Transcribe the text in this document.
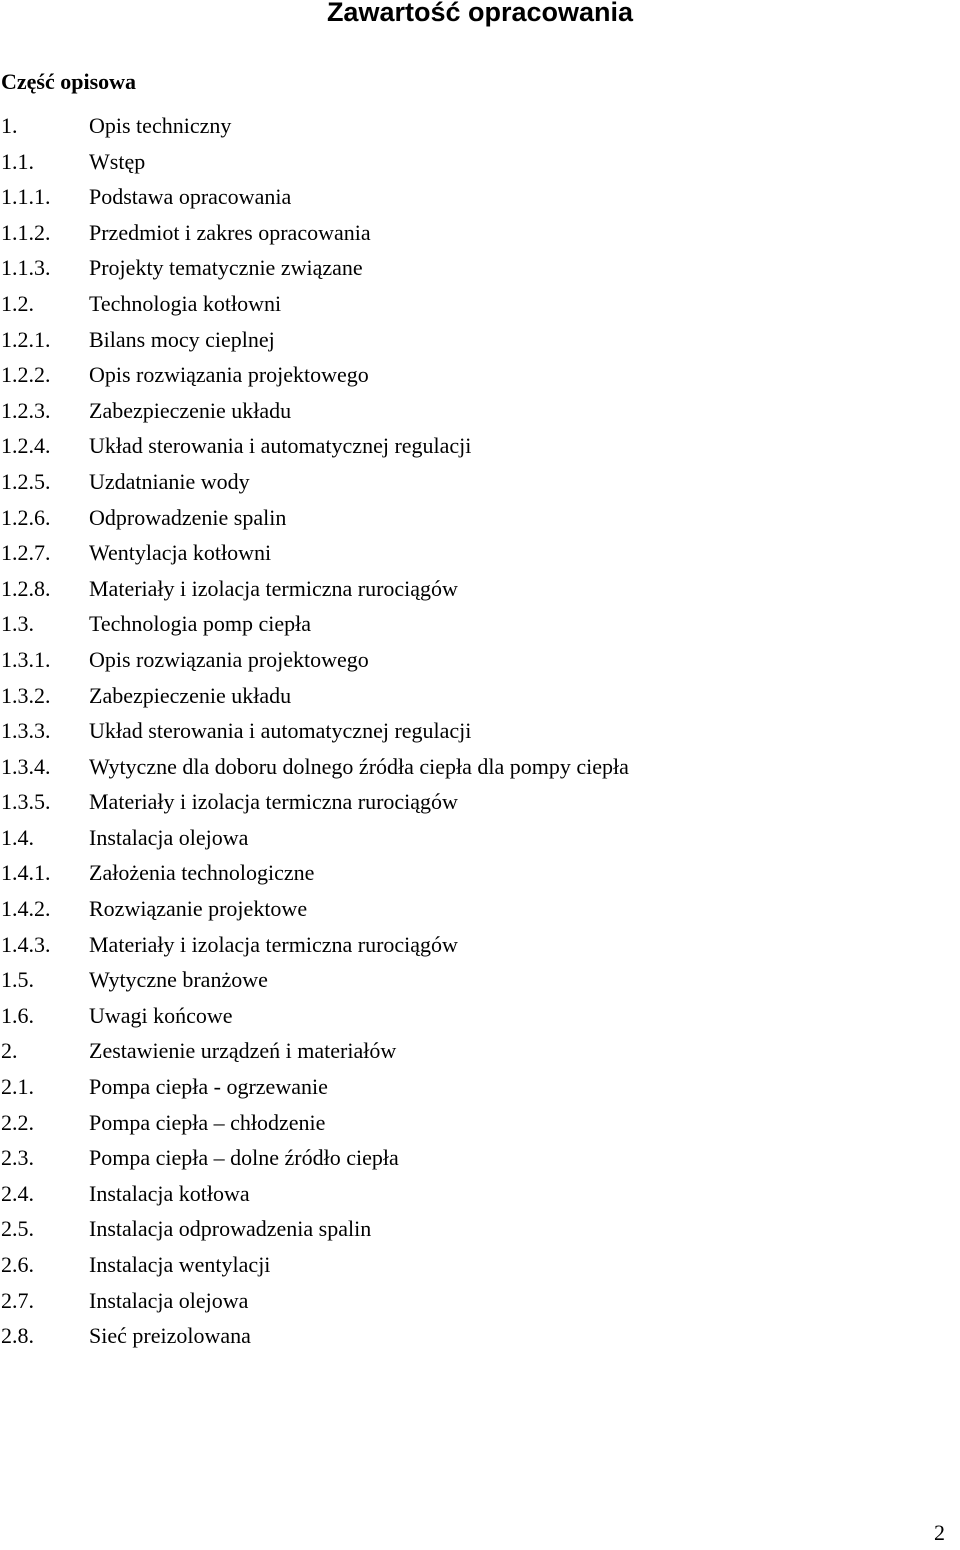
Zawartość opracowania
Część opisowa
1.	Opis techniczny
1.1.	Wstęp
1.1.1.	Podstawa opracowania
1.1.2.	Przedmiot i zakres opracowania
1.1.3.	Projekty tematycznie związane
1.2.	Technologia kotłowni
1.2.1.	Bilans mocy cieplnej
1.2.2.	Opis rozwiązania projektowego
1.2.3.	Zabezpieczenie układu
1.2.4.	Układ sterowania i automatycznej regulacji
1.2.5.	Uzdatnianie wody
1.2.6.	Odprowadzenie spalin
1.2.7.	Wentylacja kotłowni
1.2.8.	Materiały i izolacja termiczna rurociągów
1.3.	Technologia pomp ciepła
1.3.1.	Opis rozwiązania projektowego
1.3.2.	Zabezpieczenie układu
1.3.3.	Układ sterowania i automatycznej regulacji
1.3.4.	Wytyczne dla doboru dolnego źródła ciepła dla pompy ciepła
1.3.5.	Materiały i izolacja termiczna rurociągów
1.4.	Instalacja olejowa
1.4.1.	Założenia technologiczne
1.4.2.	Rozwiązanie projektowe
1.4.3.	Materiały i izolacja termiczna rurociągów
1.5.	Wytyczne branżowe
1.6.	Uwagi końcowe
2.	Zestawienie urządzeń i materiałów
2.1.	Pompa ciepła - ogrzewanie
2.2.	Pompa ciepła – chłodzenie
2.3.	Pompa ciepła – dolne źródło ciepła
2.4.	Instalacja kotłowa
2.5.	Instalacja odprowadzenia spalin
2.6.	Instalacja wentylacji
2.7.	Instalacja olejowa
2.8.	Sieć preizolowana
2
